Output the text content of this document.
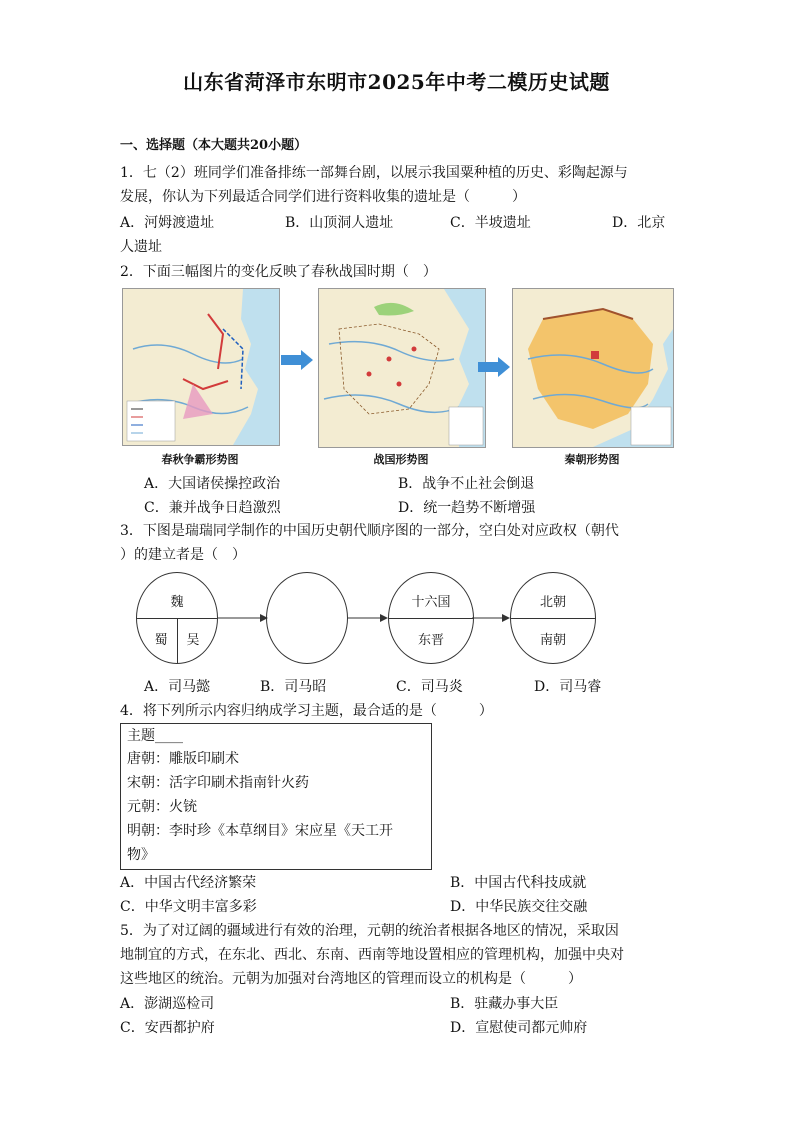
山东省菏泽市东明市2025年中考二模历史试题
一、选择题（本大题共20小题）
1．七（2）班同学们准备排练一部舞台剧，以展示我国粟种植的历史、彩陶起源与
发展，你认为下列最适合同学们进行资料收集的遗址是（　　　）
A．河姆渡遗址	B．山顶洞人遗址	C．半坡遗址	D．北京
人遗址
2．下面三幅图片的变化反映了春秋战国时期（　）
春秋争霸形势图	战国形势图	秦朝形势图
A．大国诸侯操控政治	B．战争不止社会倒退
C．兼并战争日趋激烈	D．统一趋势不断增强
3．下图是瑞瑞同学制作的中国历史朝代顺序图的一部分，空白处对应政权（朝代
）的建立者是（　）
魏
蜀	吴
十六国
东晋
北朝
南朝
A．司马懿	B．司马昭	C．司马炎	D．司马睿
4．将下列所示内容归纳成学习主题，最合适的是（　　　）
主题____
唐朝：雕版印刷术
宋朝：活字印刷术指南针火药
元朝：火铳
明朝：李时珍《本草纲目》宋应星《天工开
物》
A．中国古代经济繁荣	B．中国古代科技成就
C．中华文明丰富多彩	D．中华民族交往交融
5．为了对辽阔的疆域进行有效的治理，元朝的统治者根据各地区的情况，采取因
地制宜的方式，在东北、西北、东南、西南等地设置相应的管理机构，加强中央对
这些地区的统治。元朝为加强对台湾地区的管理而设立的机构是（　　　）
A．澎湖巡检司	B．驻藏办事大臣
C．安西都护府	D．宣慰使司都元帅府
